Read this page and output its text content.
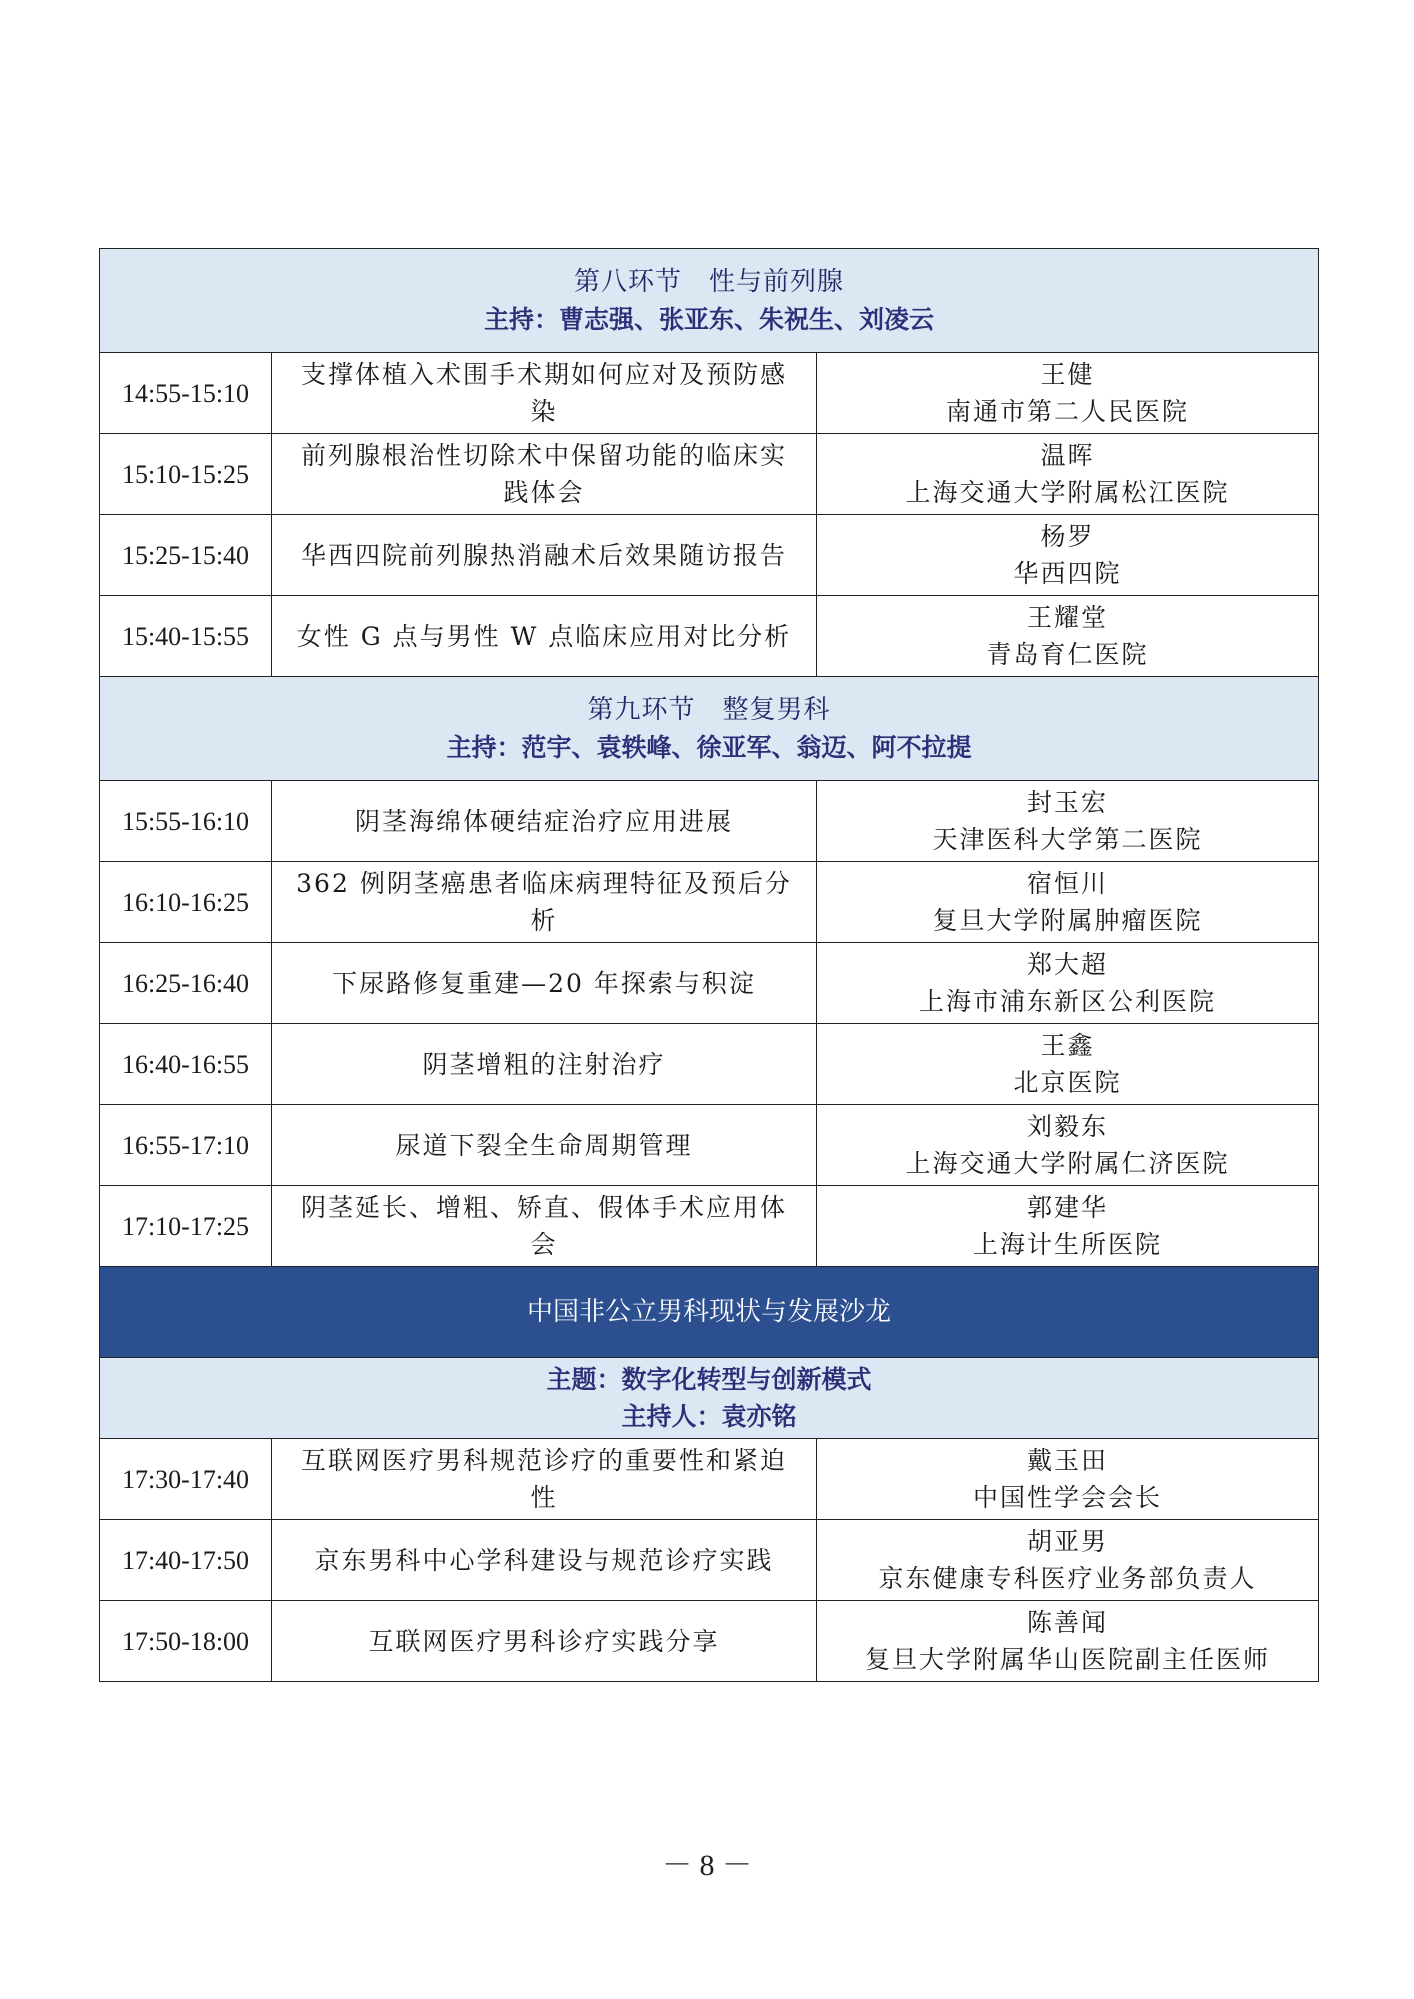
第八环节　性与前列腺
主持：曹志强、张亚东、朱祝生、刘凌云		

14:55-15:10	支撑体植入术围手术期如何应对及预防感染	王健
南通市第二人民医院

15:10-15:25	前列腺根治性切除术中保留功能的临床实践体会	温晖
上海交通大学附属松江医院

15:25-15:40	华西四院前列腺热消融术后效果随访报告	杨罗
华西四院

15:40-15:55	女性 G 点与男性 W 点临床应用对比分析	王耀堂
青岛育仁医院

第九环节　整复男科
主持：范宇、袁轶峰、徐亚军、翁迈、阿不拉提		

15:55-16:10	阴茎海绵体硬结症治疗应用进展	封玉宏
天津医科大学第二医院

16:10-16:25	362 例阴茎癌患者临床病理特征及预后分析	宿恒川
复旦大学附属肿瘤医院

16:25-16:40	下尿路修复重建—20 年探索与积淀	郑大超
上海市浦东新区公利医院

16:40-16:55	阴茎增粗的注射治疗	王鑫
北京医院

16:55-17:10	尿道下裂全生命周期管理	刘毅东
上海交通大学附属仁济医院

17:10-17:25	阴茎延长、增粗、矫直、假体手术应用体会	郭建华
上海计生所医院

中国非公立男科现状与发展沙龙		

主题：数字化转型与创新模式
主持人：袁亦铭		

17:30-17:40	互联网医疗男科规范诊疗的重要性和紧迫性	戴玉田
中国性学会会长

17:40-17:50	京东男科中心学科建设与规范诊疗实践	胡亚男
京东健康专科医疗业务部负责人

17:50-18:00	互联网医疗男科诊疗实践分享	陈善闻
复旦大学附属华山医院副主任医师
－ 8 －
